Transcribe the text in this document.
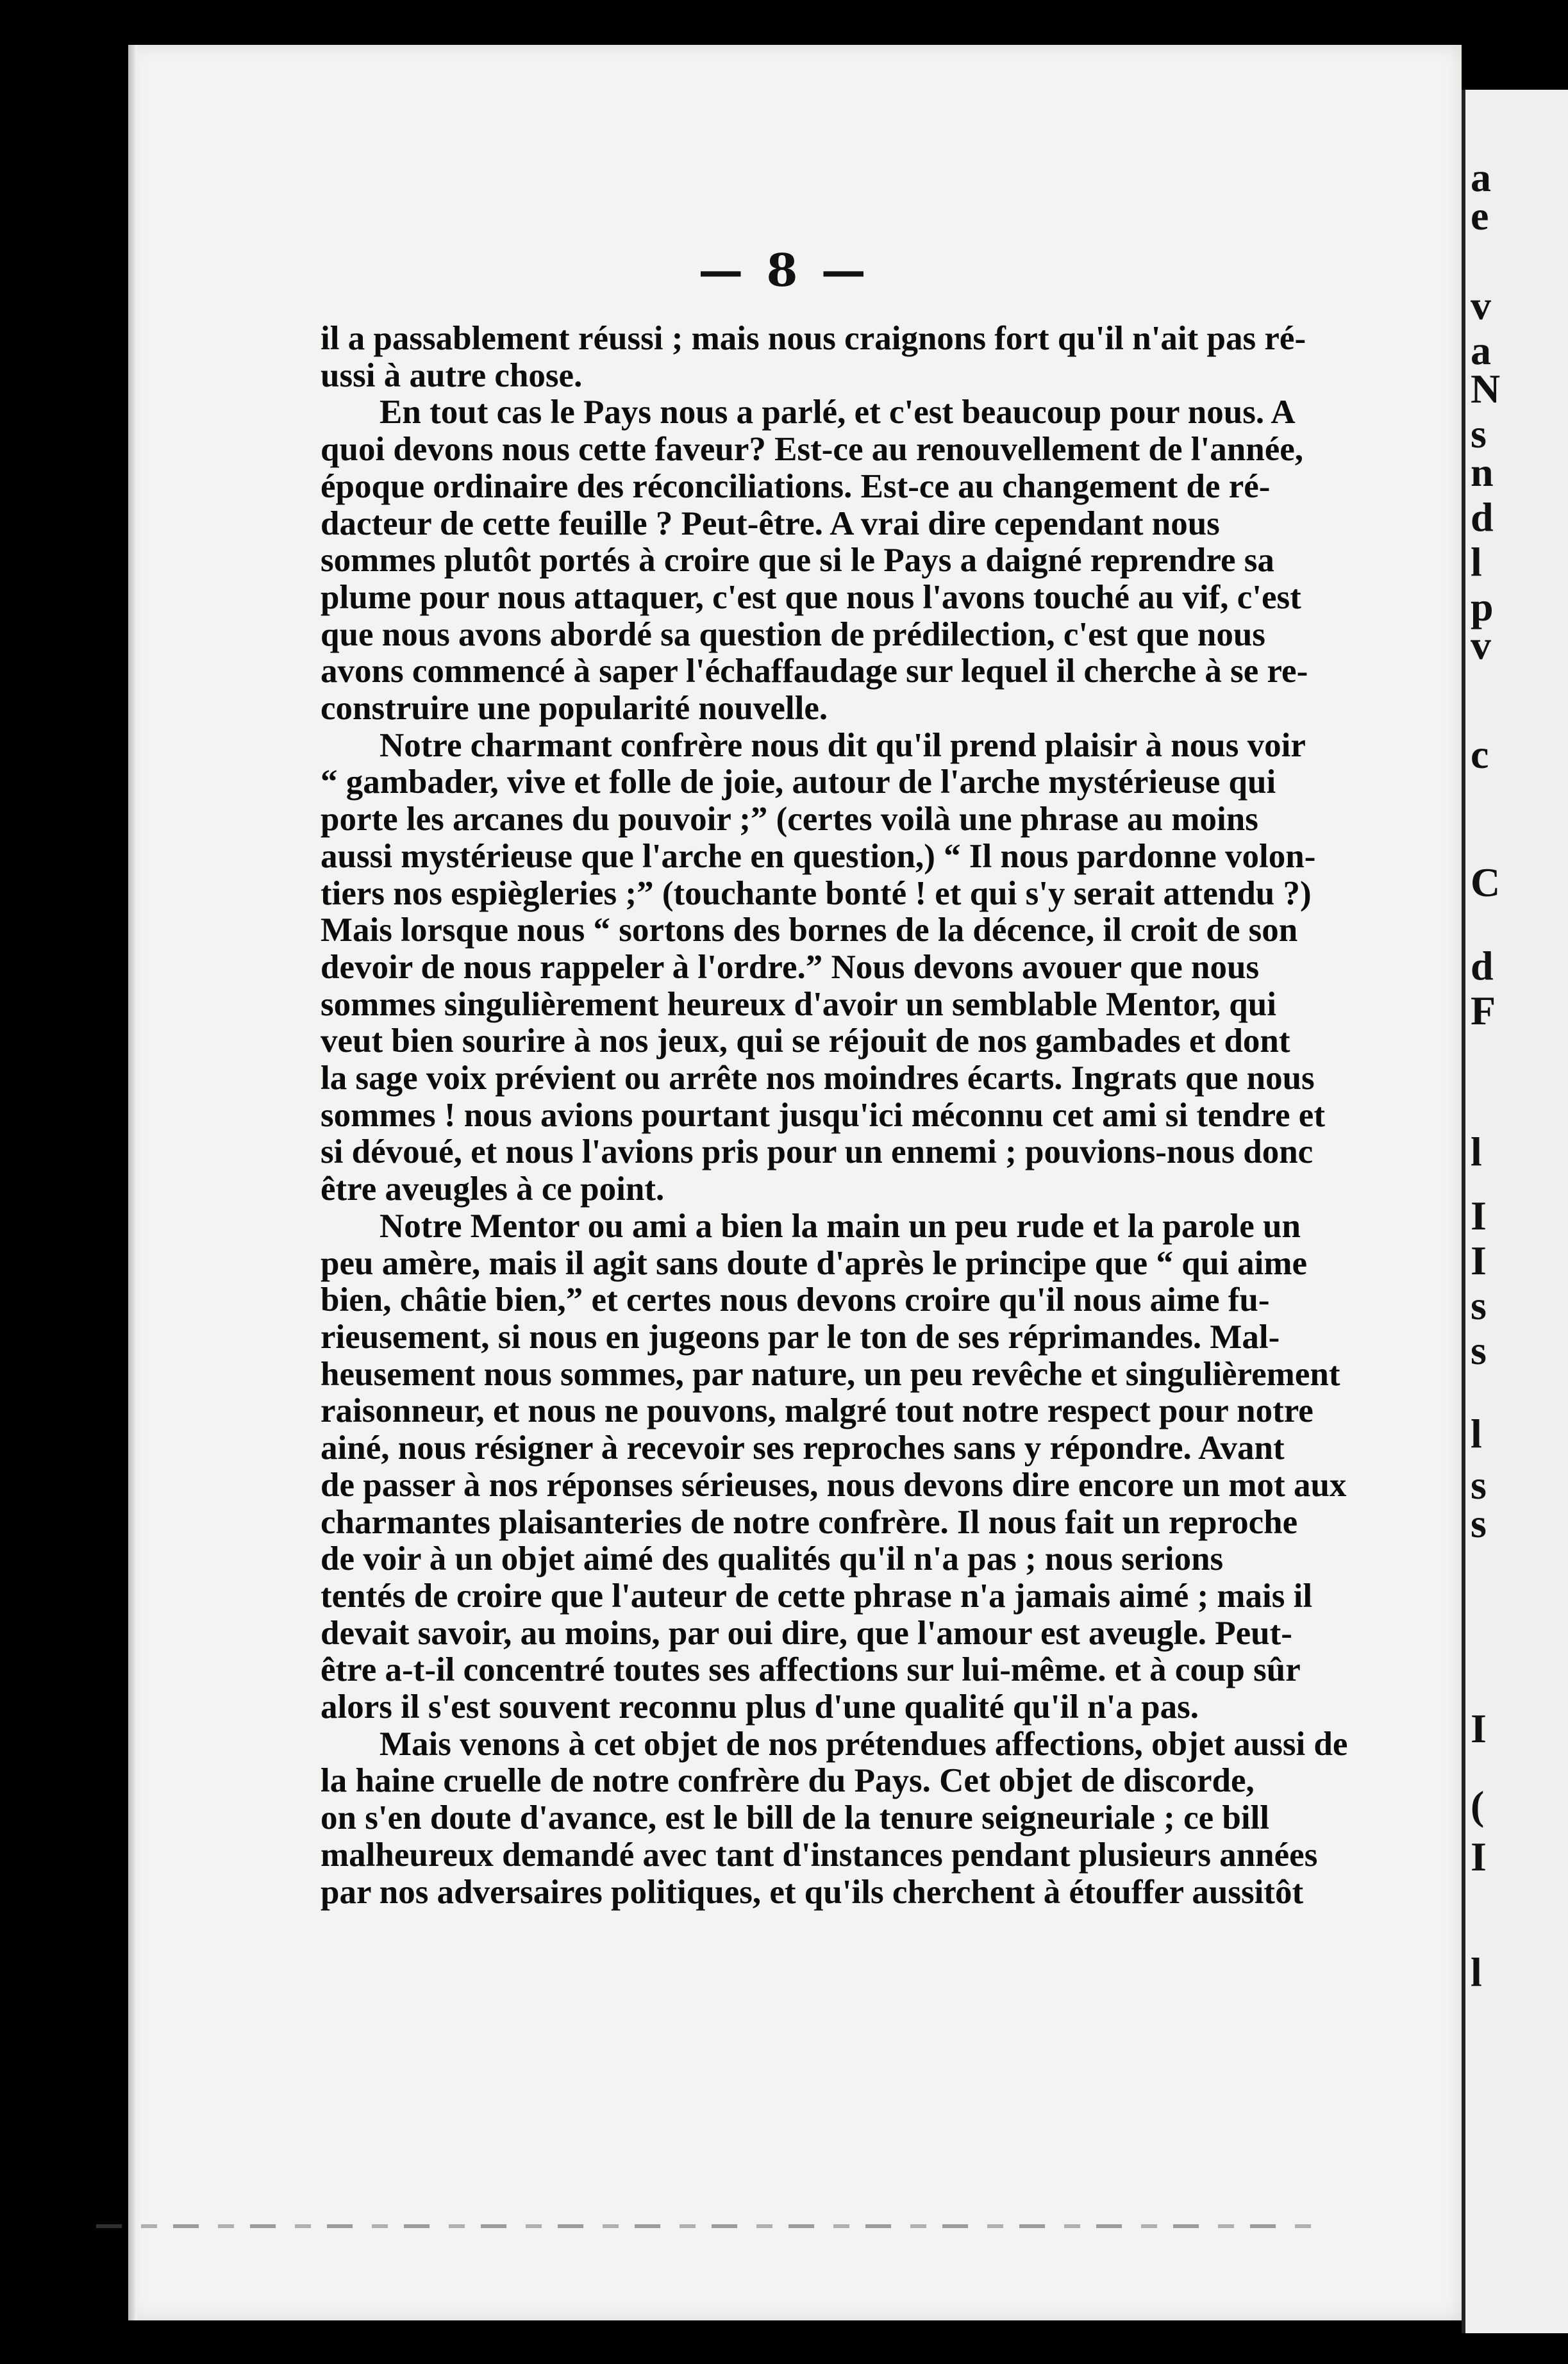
a
e
v
a
N
s
n
d
l
p
v
c
C
d
F
l
I
I
s
s
l
s
s
I
(
I
l
— 8 —

il a passablement réussi ; mais nous craignons fort qu'il n'ait pas ré-

ussi à autre chose.

En tout cas le Pays nous a parlé, et c'est beaucoup pour nous. A

quoi devons nous cette faveur? Est-ce au renouvellement de l'année,

époque ordinaire des réconciliations. Est-ce au changement de ré-

dacteur de cette feuille ? Peut-être. A vrai dire cependant nous

sommes plutôt portés à croire que si le Pays a daigné reprendre sa

plume pour nous attaquer, c'est que nous l'avons touché au vif, c'est

que nous avons abordé sa question de prédilection, c'est que nous

avons commencé à saper l'échaffaudage sur lequel il cherche à se re-

construire une popularité nouvelle.

Notre charmant confrère nous dit qu'il prend plaisir à nous voir

“ gambader, vive et folle de joie, autour de l'arche mystérieuse qui

porte les arcanes du pouvoir ;” (certes voilà une phrase au moins

aussi mystérieuse que l'arche en question,) “ Il nous pardonne volon-

tiers nos espiègleries ;” (touchante bonté ! et qui s'y serait attendu ?)

Mais lorsque nous “ sortons des bornes de la décence, il croit de son

devoir de nous rappeler à l'ordre.” Nous devons avouer que nous

sommes singulièrement heureux d'avoir un semblable Mentor, qui

veut bien sourire à nos jeux, qui se réjouit de nos gambades et dont

la sage voix prévient ou arrête nos moindres écarts. Ingrats que nous

sommes ! nous avions pourtant jusqu'ici méconnu cet ami si tendre et

si dévoué, et nous l'avions pris pour un ennemi ; pouvions-nous donc

être aveugles à ce point.

Notre Mentor ou ami a bien la main un peu rude et la parole un

peu amère, mais il agit sans doute d'après le principe que “ qui aime

bien, châtie bien,” et certes nous devons croire qu'il nous aime fu-

rieusement, si nous en jugeons par le ton de ses réprimandes. Mal-

heusement nous sommes, par nature, un peu revêche et singulièrement

raisonneur, et nous ne pouvons, malgré tout notre respect pour notre

ainé, nous résigner à recevoir ses reproches sans y répondre. Avant

de passer à nos réponses sérieuses, nous devons dire encore un mot aux

charmantes plaisanteries de notre confrère. Il nous fait un reproche

de voir à un objet aimé des qualités qu'il n'a pas ; nous serions

tentés de croire que l'auteur de cette phrase n'a jamais aimé ; mais il

devait savoir, au moins, par oui dire, que l'amour est aveugle. Peut-

être a-t-il concentré toutes ses affections sur lui-même. et à coup sûr

alors il s'est souvent reconnu plus d'une qualité qu'il n'a pas.

Mais venons à cet objet de nos prétendues affections, objet aussi de

la haine cruelle de notre confrère du Pays. Cet objet de discorde,

on s'en doute d'avance, est le bill de la tenure seigneuriale ; ce bill

malheureux demandé avec tant d'instances pendant plusieurs années

par nos adversaires politiques, et qu'ils cherchent à étouffer aussitôt
